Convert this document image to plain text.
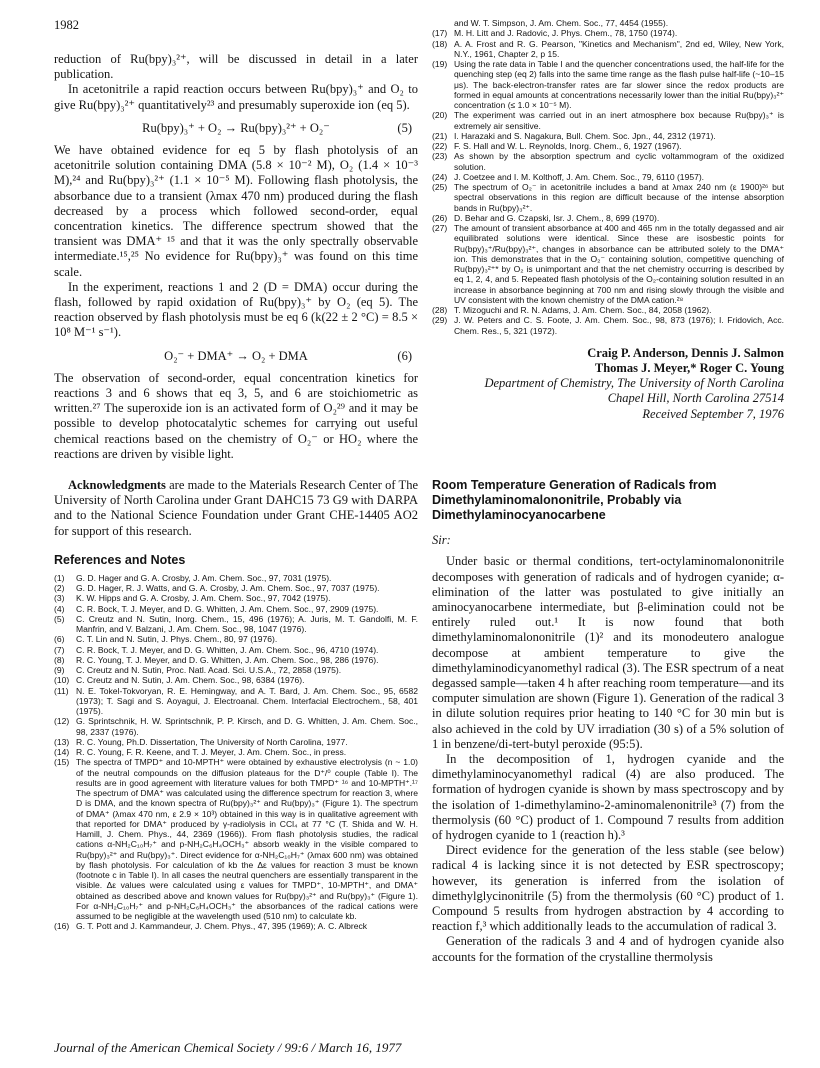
1982

reduction of Ru(bpy)₃²⁺, will be discussed in detail in a later publication.

In acetonitrile a rapid reaction occurs between Ru(bpy)₃⁺ and O₂ to give Ru(bpy)₃²⁺ quantitatively²³ and presumably superoxide ion (eq 5).

Ru(bpy)₃⁺ + O₂ → Ru(bpy)₃²⁺ + O₂⁻	(5)

We have obtained evidence for eq 5 by flash photolysis of an acetonitrile solution containing DMA (5.8 × 10⁻² M), O₂ (1.4 × 10⁻³ M),²⁴ and Ru(bpy)₃²⁺ (1.1 × 10⁻⁵ M). Following flash photolysis, the absorbance due to a transient (λmax 470 nm) produced during the flash decreased by a process which followed second-order, equal concentration kinetics. The difference spectrum showed that the transient was DMA⁺ ¹⁵ and that it was the only spectrally observable intermediate.¹⁵,²⁵ No evidence for Ru(bpy)₃⁺ was found on this time scale.

In the experiment, reactions 1 and 2 (D = DMA) occur during the flash, followed by rapid oxidation of Ru(bpy)₃⁺ by O₂ (eq 5). The reaction observed by flash photolysis must be eq 6 (k(22 ± 2 °C) = 8.5 × 10⁸ M⁻¹ s⁻¹).

O₂⁻ + DMA⁺ → O₂ + DMA	(6)

The observation of second-order, equal concentration kinetics for reactions 3 and 6 shows that eq 3, 5, and 6 are stoichiometric as written.²⁷ The superoxide ion is an activated form of O₂²⁹ and it may be possible to develop photocatalytic schemes for carrying out useful chemical reactions based on the chemistry of O₂⁻ or HO₂ where the reactions are driven by visible light.

Acknowledgments are made to the Materials Research Center of The University of North Carolina under Grant DAHC15 73 G9 with DARPA and to the National Science Foundation under Grant CHE-14405 AO2 for support of this research.

References and Notes
(1) G. D. Hager and G. A. Crosby, J. Am. Chem. Soc., 97, 7031 (1975).
(2) G. D. Hager, R. J. Watts, and G. A. Crosby, J. Am. Chem. Soc., 97, 7037 (1975).
(3) K. W. Hipps and G. A. Crosby, J. Am. Chem. Soc., 97, 7042 (1975).
(4) C. R. Bock, T. J. Meyer, and D. G. Whitten, J. Am. Chem. Soc., 97, 2909 (1975).
(5) C. Creutz and N. Sutin, Inorg. Chem., 15, 496 (1976); A. Juris, M. T. Gandolfi, M. F. Manfrin, and V. Balzani, J. Am. Chem. Soc., 98, 1047 (1976).
(6) C. T. Lin and N. Sutin, J. Phys. Chem., 80, 97 (1976).
(7) C. R. Bock, T. J. Meyer, and D. G. Whitten, J. Am. Chem. Soc., 96, 4710 (1974).
(8) R. C. Young, T. J. Meyer, and D. G. Whitten, J. Am. Chem. Soc., 98, 286 (1976).
(9) C. Creutz and N. Sutin, Proc. Natl. Acad. Sci. U.S.A., 72, 2858 (1975).
(10) C. Creutz and N. Sutin, J. Am. Chem. Soc., 98, 6384 (1976).
(11) N. E. Tokel-Tokvoryan, R. E. Hemingway, and A. T. Bard, J. Am. Chem. Soc., 95, 6582 (1973); T. Sagi and S. Aoyagui, J. Electroanal. Chem. Interfacial Electrochem., 58, 401 (1975).
(12) G. Sprintschnik, H. W. Sprintschnik, P. P. Kirsch, and D. G. Whitten, J. Am. Chem. Soc., 98, 2337 (1976).
(13) R. C. Young, Ph.D. Dissertation, The University of North Carolina, 1977.
(14) R. C. Young, F. R. Keene, and T. J. Meyer, J. Am. Chem. Soc., in press.
(15) The spectra of TMPD⁺ and 10-MPTH⁺ were obtained by exhaustive electrolysis (n ~ 1.0) of the neutral compounds on the diffusion plateaus for the D⁺/⁰ couple (Table I). The results are in good agreement with literature values for both TMPD⁺ ¹⁶ and 10-MPTH⁺.¹⁷ The spectrum of DMA⁺ was calculated using the difference spectrum for reaction 3, where D is DMA, and the known spectra of Ru(bpy)₃²⁺ and Ru(bpy)₃⁺ (Figure 1). The spectrum of DMA⁺ (λmax 470 nm, ε 2.9 × 10³) obtained in this way is in qualitative agreement with that reported for DMA⁺ produced by γ-radiolysis in CCl₄ at 77 °C (T. Shida and W. H. Hamill, J. Chem. Phys., 44, 2369 (1966)). From flash photolysis studies, the radical cations α-NH₂C₁₀H₇⁺ and p-NH₂C₆H₄OCH₃⁺ absorb weakly in the visible compared to Ru(bpy)₃²⁺ and Ru(bpy)₃⁺. Direct evidence for α-NH₂C₁₀H₇⁺ (λmax 600 nm) was obtained by flash photolysis. For calculation of kb the Δε values for reaction 3 must be known (footnote c in Table I). In all cases the neutral quenchers are essentially transparent in the visible. Δε values were calculated using ε values for TMPD⁺, 10-MPTH⁺, and DMA⁺ obtained as described above and known values for Ru(bpy)₃²⁺ and Ru(bpy)₃⁺ (Figure 1). For α-NH₂C₁₀H₇⁺ and p-NH₂C₆H₄OCH₃⁺ the absorbances of the radical cations were assumed to be negligible at the wavelength used (510 nm) to calculate kb.
(16) G. T. Pott and J. Kammandeur, J. Chem. Phys., 47, 395 (1969); A. C. Albreck
and W. T. Simpson, J. Am. Chem. Soc., 77, 4454 (1955).
(17) M. H. Litt and J. Radovic, J. Phys. Chem., 78, 1750 (1974).
(18) A. A. Frost and R. G. Pearson, "Kinetics and Mechanism", 2nd ed, Wiley, New York, N.Y., 1961, Chapter 2, p 15.
(19) Using the rate data in Table I and the quencher concentrations used, the half-life for the quenching step (eq 2) falls into the same time range as the flash pulse half-life (~10–15 μs). The back-electron-transfer rates are far slower since the redox products are formed in equal amounts at concentrations necessarily lower than the initial Ru(bpy)₃²⁺ concentration (≤ 1.0 × 10⁻⁵ M).
(20) The experiment was carried out in an inert atmosphere box because Ru(bpy)₃⁺ is extremely air sensitive.
(21) I. Harazaki and S. Nagakura, Bull. Chem. Soc. Jpn., 44, 2312 (1971).
(22) F. S. Hall and W. L. Reynolds, Inorg. Chem., 6, 1927 (1967).
(23) As shown by the absorption spectrum and cyclic voltammogram of the oxidized solution.
(24) J. Coetzee and I. M. Kolthoff, J. Am. Chem. Soc., 79, 6110 (1957).
(25) The spectrum of O₂⁻ in acetonitrile includes a band at λmax 240 nm (ε 1900)²⁶ but spectral observations in this region are difficult because of the intense absorption bands in Ru(bpy)₃²⁺.
(26) D. Behar and G. Czapski, Isr. J. Chem., 8, 699 (1970).
(27) The amount of transient absorbance at 400 and 465 nm in the totally degassed and air equilibrated solutions were identical. Since these are isosbestic points for Ru(bpy)₃⁺/Ru(bpy)₃²⁺, changes in absorbance can be attributed solely to the DMA⁺ ion. This demonstrates that in the O₂⁻ containing solution, competitive quenching of Ru(bpy)₃²⁺* by O₂ is unimportant and that the net chemistry occurring is described by eq 1, 2, 4, and 5. Repeated flash photolysis of the O₂-containing solution resulted in an increase in absorbance beginning at 700 nm and rising slowly through the visible and UV consistent with the known chemistry of the DMA cation.²⁸
(28) T. Mizoguchi and R. N. Adams, J. Am. Chem. Soc., 84, 2058 (1962).
(29) J. W. Peters and C. S. Foote, J. Am. Chem. Soc., 98, 873 (1976); I. Fridovich, Acc. Chem. Res., 5, 321 (1972).
Craig P. Anderson, Dennis J. Salmon
Thomas J. Meyer,* Roger C. Young
Department of Chemistry, The University of North Carolina
Chapel Hill, North Carolina 27514
Received September 7, 1976
Room Temperature Generation of Radicals from Dimethylaminomalononitrile, Probably via Dimethylaminocyanocarbene
Sir:

Under basic or thermal conditions, tert-octylaminomalononitrile decomposes with generation of radicals and of hydrogen cyanide; α-elimination of the latter was postulated to give initially an aminocyanocarbene intermediate, but β-elimination could not be entirely ruled out.¹ It is now found that both dimethylaminomalononitrile (1)² and its monodeutero analogue decompose at ambient temperature to give the dimethylaminodicyanomethyl radical (3). The ESR spectrum of a neat degassed sample—taken 4 h after reaching room temperature—and its computer simulation are shown (Figure 1). Generation of the radical 3 in dilute solution requires prior heating to 140 °C for 30 min but is also achieved in the cold by UV irradiation (30 s) of a 5% solution of 1 in benzene/di-tert-butyl peroxide (95:5).

In the decomposition of 1, hydrogen cyanide and the dimethylaminocyanomethyl radical (4) are also produced. The formation of hydrogen cyanide is shown by mass spectroscopy and by the isolation of 1-dimethylamino-2-aminomalenonitrile³ (7) from the thermolysis (60 °C) product of 1. Compound 7 results from addition of hydrogen cyanide to 1 (reaction h).³

Direct evidence for the generation of the less stable (see below) radical 4 is lacking since it is not detected by ESR spectroscopy; however, its generation is inferred from the isolation of dimethylglycinonitrile (5) from the thermolysis (60 °C) product of 1. Compound 5 results from hydrogen abstraction by 4 according to reaction f,³ which additionally leads to the accumulation of radical 3.

Generation of the radicals 3 and 4 and of hydrogen cyanide also accounts for the formation of the crystalline thermolysis

Journal of the American Chemical Society / 99:6 / March 16, 1977
